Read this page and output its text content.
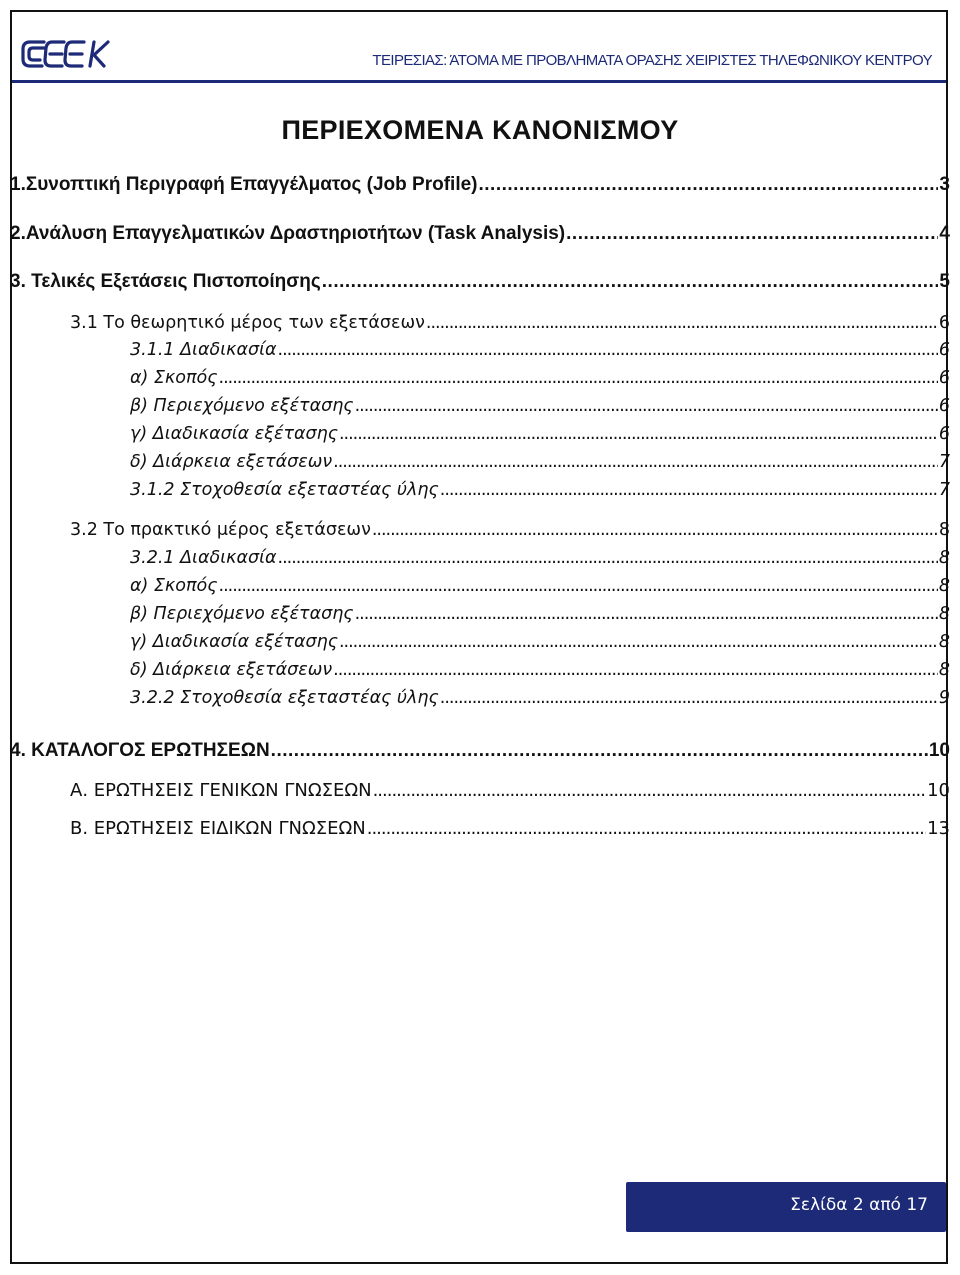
ΤΕΙΡΕΣΙΑΣ: ΆΤΟΜΑ ΜΕ ΠΡΟΒΛΗΜΑΤΑ ΟΡΑΣΗΣ ΧΕΙΡΙΣΤΕΣ ΤΗΛΕΦΩΝΙΚΟΥ ΚΕΝΤΡΟΥ
ΠΕΡΙΕΧΟΜΕΝΑ ΚΑΝΟΝΙΣΜΟΥ
1.Συνοπτική Περιγραφή Επαγγέλματος (Job Profile) .....	3
2.Ανάλυση Επαγγελματικών Δραστηριοτήτων (Task Analysis) .....	4
3. Τελικές Εξετάσεις Πιστοποίησης .....	5
3.1 Το θεωρητικό μέρος των εξετάσεων .....	6
3.1.1 Διαδικασία .....	6
α) Σκοπός .....	6
β) Περιεχόμενο εξέτασης .....	6
γ) Διαδικασία εξέτασης .....	6
δ) Διάρκεια εξετάσεων .....	7
3.1.2 Στοχοθεσία εξεταστέας ύλης .....	7
3.2 Το πρακτικό μέρος εξετάσεων .....	8
3.2.1 Διαδικασία .....	8
α) Σκοπός .....	8
β) Περιεχόμενο εξέτασης .....	8
γ) Διαδικασία εξέτασης .....	8
δ) Διάρκεια εξετάσεων .....	8
3.2.2 Στοχοθεσία εξεταστέας ύλης .....	9
4. ΚΑΤΑΛΟΓΟΣ ΕΡΩΤΗΣΕΩΝ .....	10
Α. ΕΡΩΤΗΣΕΙΣ ΓΕΝΙΚΩΝ ΓΝΩΣΕΩΝ .....	10
Β. ΕΡΩΤΗΣΕΙΣ ΕΙΔΙΚΩΝ ΓΝΩΣΕΩΝ .....	13
Σελίδα 2 από 17
